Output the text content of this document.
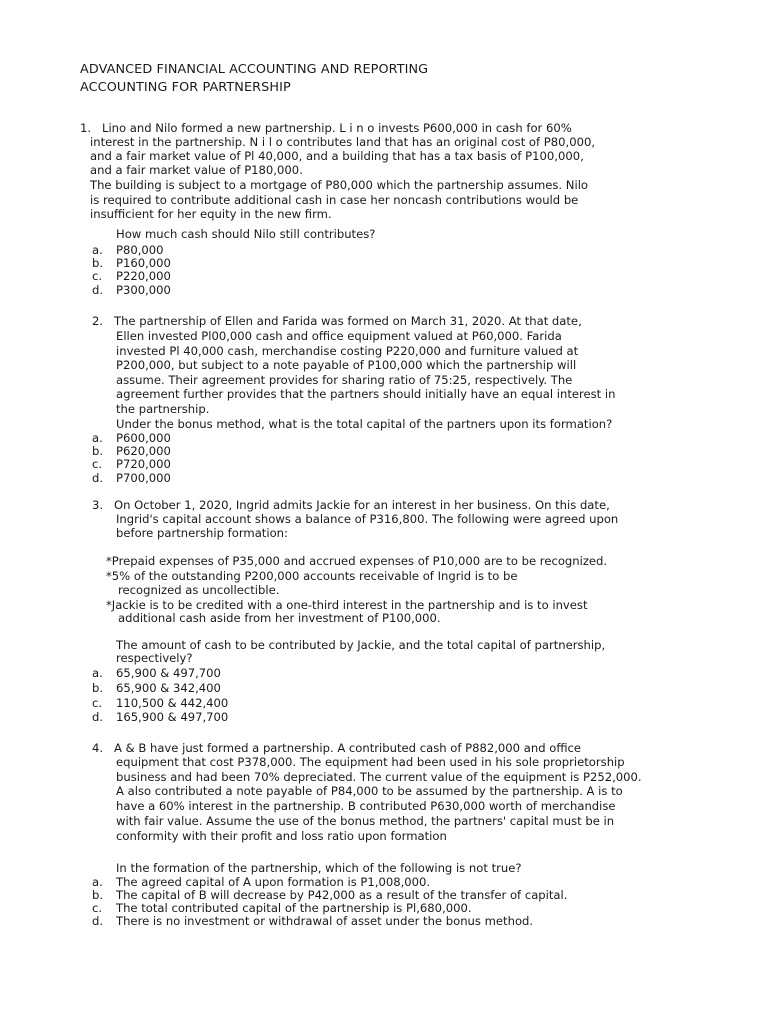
ADVANCED FINANCIAL ACCOUNTING AND REPORTING
ACCOUNTING FOR PARTNERSHIP
1. Lino and Nilo formed a new partnership. L i n o invests P600,000 in cash for 60%
interest in the partnership. N i l o contributes land that has an original cost of P80,000,
and a fair market value of Pl 40,000, and a building that has a tax basis of P100,000,
and a fair market value of P180,000.
The building is subject to a mortgage of P80,000 which the partnership assumes. Nilo
is required to contribute additional cash in case her noncash contributions would be
insufficient for her equity in the new firm.
How much cash should Nilo still contributes?
a. P80,000
b. P160,000
c. P220,000
d. P300,000
2. The partnership of Ellen and Farida was formed on March 31, 2020. At that date,
Ellen invested Pl00,000 cash and office equipment valued at P60,000. Farida
invested Pl 40,000 cash, merchandise costing P220,000 and furniture valued at
P200,000, but subject to a note payable of P100,000 which the partnership will
assume. Their agreement provides for sharing ratio of 75:25, respectively. The
agreement further provides that the partners should initially have an equal interest in
the partnership.
Under the bonus method, what is the total capital of the partners upon its formation?
a. P600,000
b. P620,000
c. P720,000
d. P700,000
3. On October 1, 2020, Ingrid admits Jackie for an interest in her business. On this date,
Ingrid's capital account shows a balance of P316,800. The following were agreed upon
before partnership formation:
*Prepaid expenses of P35,000 and accrued expenses of P10,000 are to be recognized.
*5% of the outstanding P200,000 accounts receivable of Ingrid is to be
recognized as uncollectible.
*Jackie is to be credited with a one-third interest in the partnership and is to invest
additional cash aside from her investment of P100,000.
The amount of cash to be contributed by Jackie, and the total capital of partnership,
respectively?
a. 65,900 & 497,700
b. 65,900 & 342,400
c. 110,500 & 442,400
d. 165,900 & 497,700
4. A & B have just formed a partnership. A contributed cash of P882,000 and office
equipment that cost P378,000. The equipment had been used in his sole proprietorship
business and had been 70% depreciated. The current value of the equipment is P252,000.
A also contributed a note payable of P84,000 to be assumed by the partnership. A is to
have a 60% interest in the partnership. B contributed P630,000 worth of merchandise
with fair value. Assume the use of the bonus method, the partners' capital must be in
conformity with their profit and loss ratio upon formation
In the formation of the partnership, which of the following is not true?
a. The agreed capital of A upon formation is P1,008,000.
b. The capital of B will decrease by P42,000 as a result of the transfer of capital.
c. The total contributed capital of the partnership is Pl,680,000.
d. There is no investment or withdrawal of asset under the bonus method.
